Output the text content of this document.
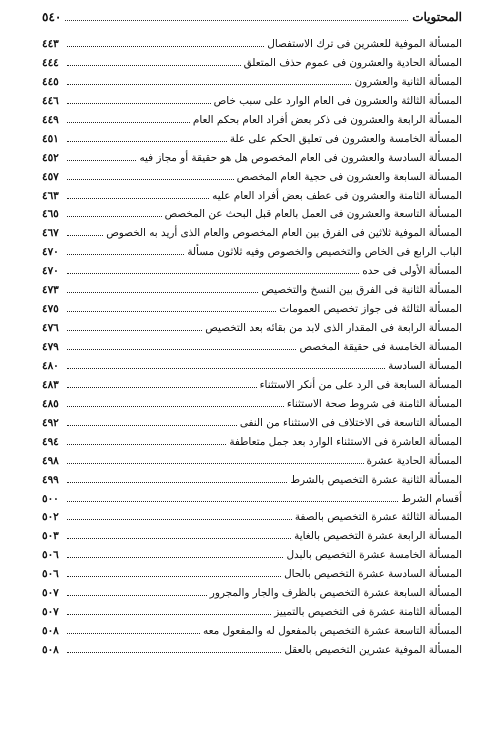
المحتويات
٥٤٠
المسألة الموفية للعشرين فى ترك الاستفصال
٤٤٣
المسألة الحادية والعشرون فى عموم حذف المتعلق
٤٤٤
المسألة الثانية والعشرون
٤٤٥
المسألة الثالثة والعشرون فى العام الوارد على سبب خاص
٤٤٦
المسألة الرابعة والعشرون فى ذكر بعض أفراد العام بحكم العام
٤٤٩
المسألة الخامسة والعشرون فى تعليق الحكم على علة
٤٥١
المسألة السادسة والعشرون فى العام المخصوص هل هو حقيقة أو مجاز فيه
٤٥٢
المسألة السابعة والعشرون فى حجية العام المخصص
٤٥٧
المسألة الثامنة والعشرون فى عطف بعض أفراد العام عليه
٤٦٣
المسألة التاسعة والعشرون فى العمل بالعام قبل البحث عن المخصص
٤٦٥
المسألة الموفية ثلاثين فى الفرق بين العام المخصوص والعام الذى أريد به الخصوص
٤٦٧
الباب الرابع فى الخاص والتخصيص والخصوص وفيه ثلاثون مسألة
٤٧٠
المسألة الأولى فى حده
٤٧٠
المسألة الثانية فى الفرق بين النسخ والتخصيص
٤٧٣
المسألة الثالثة فى جواز تخصيص العمومات
٤٧٥
المسألة الرابعة فى المقدار الذى لابد من بقائه بعد التخصيص
٤٧٦
المسألة الخامسة فى حقيقة المخصص
٤٧٩
المسألة السادسة
٤٨٠
المسألة السابعة فى الرد على من أنكر الاستثناء
٤٨٣
المسألة الثامنة فى شروط صحة الاستثناء
٤٨٥
المسألة التاسعة فى الاختلاف فى الاستثناء من النفى
٤٩٢
المسألة العاشرة فى الاستثناء الوارد بعد جمل متعاطفة
٤٩٤
المسألة الحادية عشرة
٤٩٨
المسألة الثانية عشرة التخصيص بالشرط
٤٩٩
أقسام الشرط
٥٠٠
المسألة الثالثة عشرة التخصيص بالصفة
٥٠٢
المسألة الرابعة عشرة التخصيص بالغاية
٥٠٣
المسألة الخامسة عشرة التخصيص بالبدل
٥٠٦
المسألة السادسة عشرة التخصيص بالحال
٥٠٦
المسألة السابعة عشرة التخصيص بالظرف والجار والمجرور
٥٠٧
المسألة الثامنة عشرة فى التخصيص بالتمييز
٥٠٧
المسألة التاسعة عشرة التخصيص بالمفعول له والمفعول معه
٥٠٨
المسألة الموفية عشرين التخصيص بالعقل
٥٠٨
